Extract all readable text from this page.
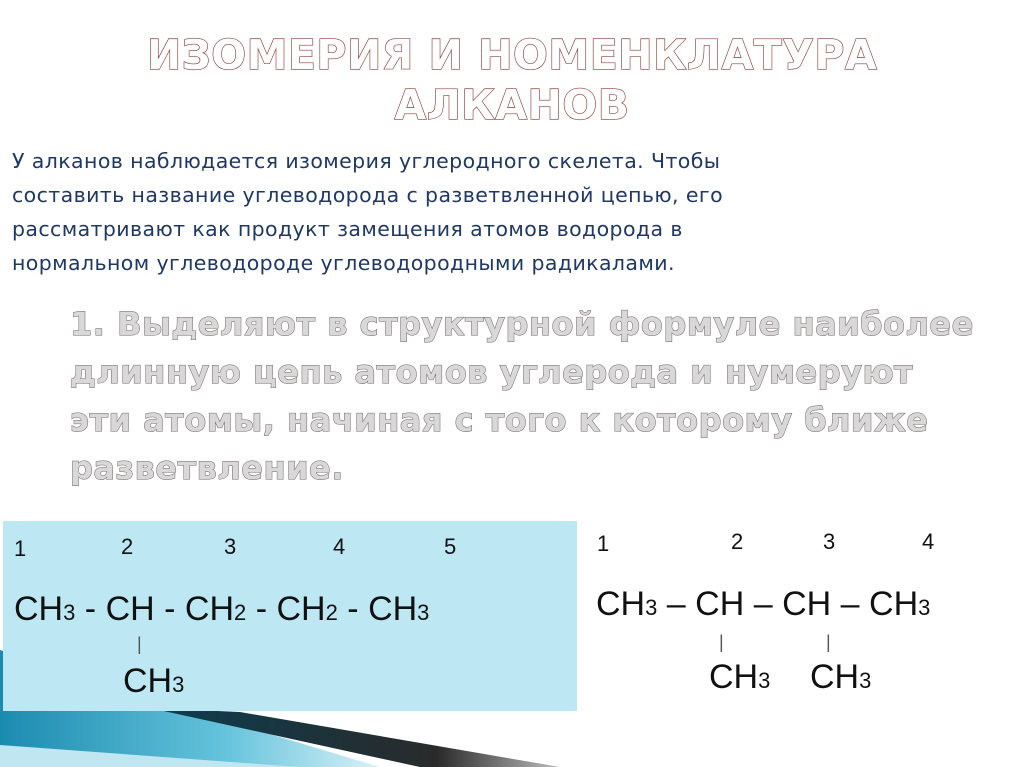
ИЗОМЕРИЯ И НОМЕНКЛАТУРА
АЛКАНОВ
У алканов наблюдается изомерия углеродного скелета. Чтобы
составить название углеводорода с разветвленной цепью, его
рассматривают как продукт замещения атомов водорода в
нормальном углеводороде углеводородными радикалами.
1. Выделяют в структурной формуле наиболее
длинную цепь атомов углерода и нумеруют
эти атомы, начиная с того к которому ближе
разветвление.
1	2	3	4	5
CH3 - CH - CH2 - CH2 - CH3
|
CH3
1	2	3	4
CH3 – CH – CH – CH3
|	|
CH3 CH3
